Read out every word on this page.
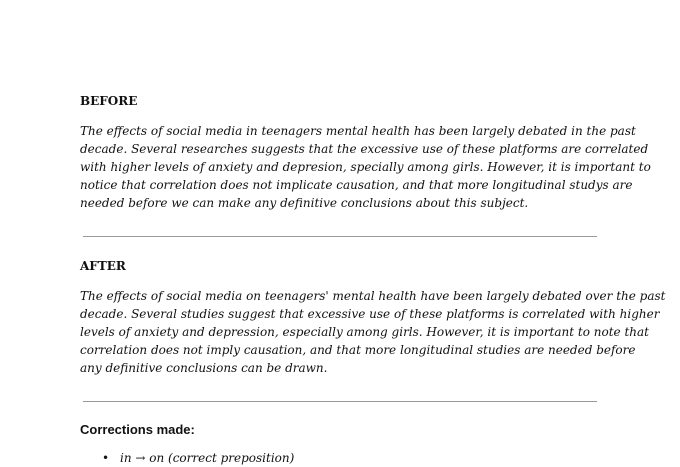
BEFORE
The effects of social media in teenagers mental health has been largely debated in the past
decade. Several researches suggests that the excessive use of these platforms are correlated
with higher levels of anxiety and depresion, specially among girls. However, it is important to
notice that correlation does not implicate causation, and that more longitudinal studys are
needed before we can make any definitive conclusions about this subject.
AFTER
The effects of social media on teenagers' mental health have been largely debated over the past
decade. Several studies suggest that excessive use of these platforms is correlated with higher
levels of anxiety and depression, especially among girls. However, it is important to note that
correlation does not imply causation, and that more longitudinal studies are needed before
any definitive conclusions can be drawn.
Corrections made:
• in → on (correct preposition)
